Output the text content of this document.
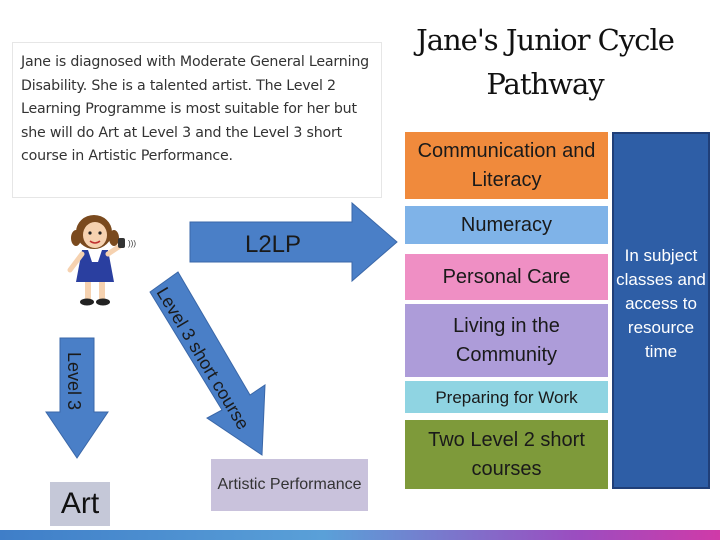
Jane is diagnosed with Moderate General Learning Disability. She is a talented artist. The Level 2 Learning Programme is most suitable for her but she will do Art at Level 3 and the Level 3 short course in Artistic Performance.
Jane's Junior Cycle Pathway
)))	L2LP
Level 3 short course
Level 3
Art
Artistic Performance
Communication and Literacy
Numeracy
Personal Care
Living in the Community
Preparing for Work
Two Level 2 short courses
In subject classes and access to resource time
